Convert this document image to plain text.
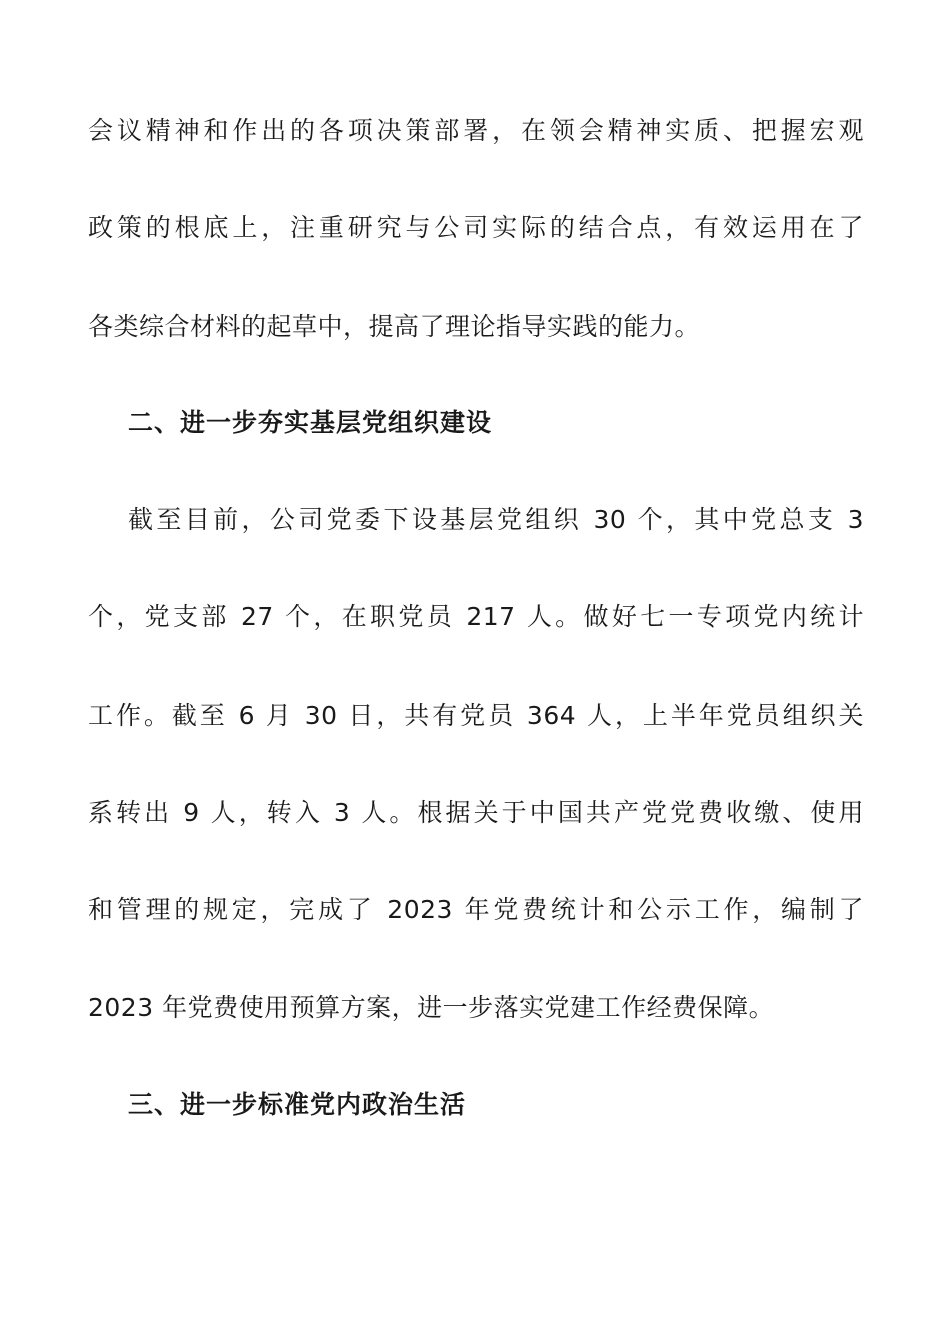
会议精神和作出的各项决策部署，在领会精神实质、把握宏观
政策的根底上，注重研究与公司实际的结合点，有效运用在了
各类综合材料的起草中，提高了理论指导实践的能力。
二、进一步夯实基层党组织建设
截至目前，公司党委下设基层党组织 30 个，其中党总支 3
个，党支部 27 个，在职党员 217 人。做好七一专项党内统计
工作。截至 6 月 30 日，共有党员 364 人，上半年党员组织关
系转出 9 人，转入 3 人。根据关于中国共产党党费收缴、使用
和管理的规定，完成了 2023 年党费统计和公示工作，编制了
2023 年党费使用预算方案，进一步落实党建工作经费保障。
三、进一步标准党内政治生活
